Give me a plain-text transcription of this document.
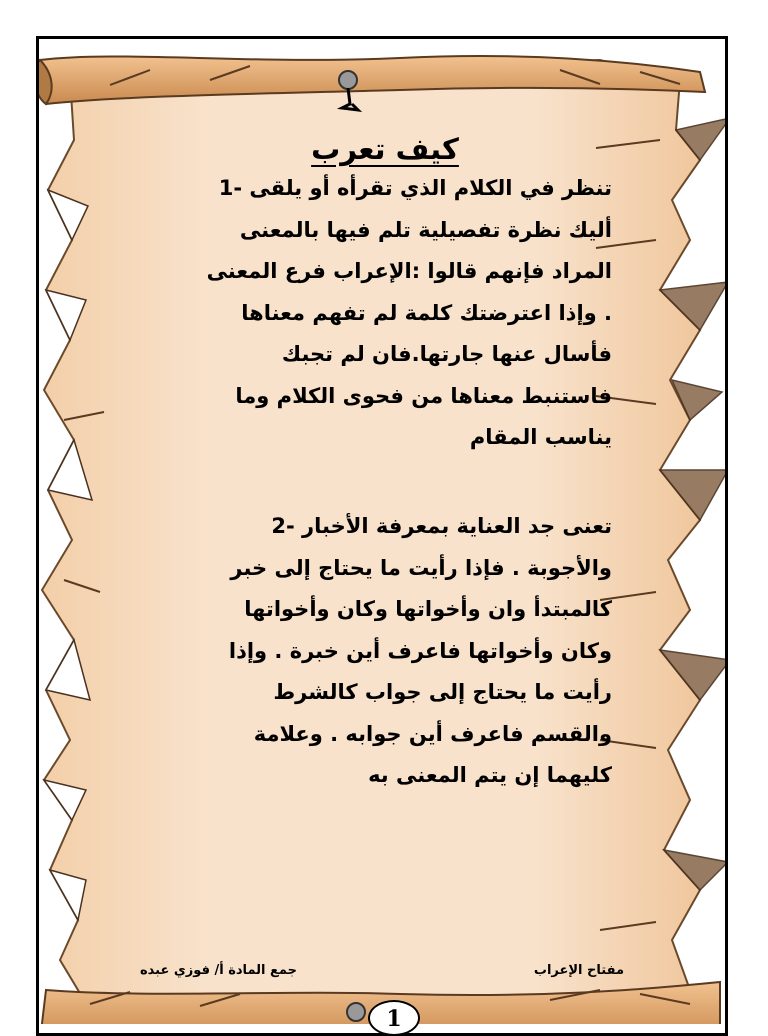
كيف تعرب
تنظر في الكلام الذي تقرأه أو يلقى -1
أليك نظرة تفصيلية تلم فيها بالمعنى
المراد فإنهم قالوا :الإعراب فرع المعنى
. وإذا اعترضتك كلمة لم تفهم معناها
فأسال عنها جارتها.فان لم تجبك
فاستنبط معناها من فحوى الكلام وما
يناسب المقام
تعنى جد العناية بمعرفة الأخبار -2
والأجوبة . فإذا رأيت ما يحتاج إلى خبر
كالمبتدأ وان وأخواتها وكان وأخواتها
وكان وأخواتها فاعرف أين خبرة . وإذا
رأيت ما يحتاج إلى جواب كالشرط
والقسم فاعرف أين جوابه . وعلامة
كليهما إن يتم المعنى به
مفتاح الإعراب
جمع المادة أ/ فوزي عبده
1
